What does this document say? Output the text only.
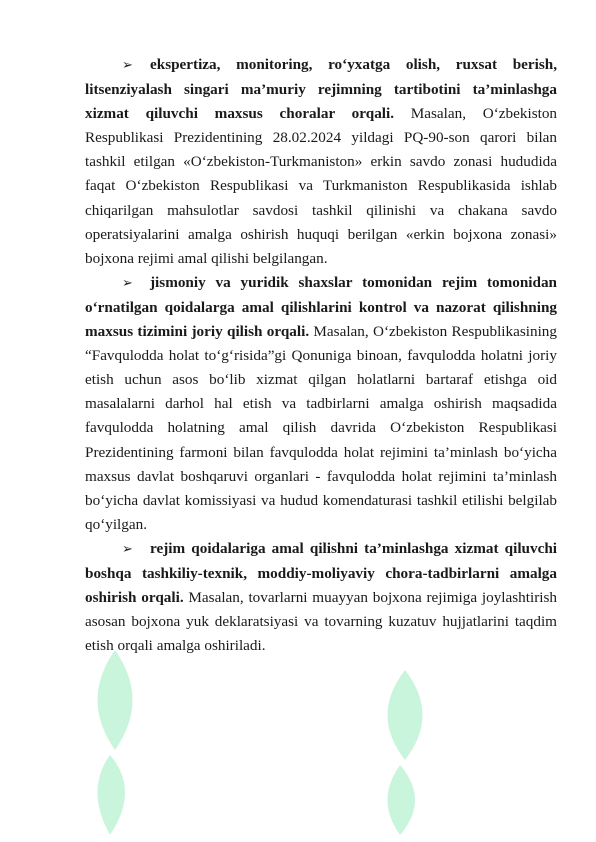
➢ ekspertiza, monitoring, ro‘yxatga olish, ruxsat berish, litsenziyalash singari ma’muriy rejimning tartibotini ta’minlashga xizmat qiluvchi maxsus choralar orqali. Masalan, O‘zbekiston Respublikasi Prezidentining 28.02.2024 yildagi PQ-90-son qarori bilan tashkil etilgan «O‘zbekiston-Turkmaniston» erkin savdo zonasi hududida faqat O‘zbekiston Respublikasi va Turkmaniston Respublikasida ishlab chiqarilgan mahsulotlar savdosi tashkil qilinishi va chakana savdo operatsiyalarini amalga oshirish huquqi berilgan «erkin bojxona zonasi» bojxona rejimi amal qilishi belgilangan.

➢ jismoniy va yuridik shaxslar tomonidan rejim tomonidan o‘rnatilgan qoidalarga amal qilishlarini kontrol va nazorat qilishning maxsus tizimini joriy qilish orqali. Masalan, O‘zbekiston Respublikasining “Favqulodda holat to‘g‘risida”gi Qonuniga binoan, favqulodda holatni joriy etish uchun asos bo‘lib xizmat qilgan holatlarni bartaraf etishga oid masalalarni darhol hal etish va tadbirlarni amalga oshirish maqsadida favqulodda holatning amal qilish davrida O‘zbekiston Respublikasi Prezidentining farmoni bilan favqulodda holat rejimini ta’minlash bo‘yicha maxsus davlat boshqaruvi organlari - favqulodda holat rejimini ta’minlash bo‘yicha davlat komissiyasi va hudud komendaturasi tashkil etilishi belgilab qo‘yilgan.

➢ rejim qoidalariga amal qilishni ta’minlashga xizmat qiluvchi boshqa tashkiliy-texnik, moddiy-moliyaviy chora-tadbirlarni amalga oshirish orqali. Masalan, tovarlarni muayyan bojxona rejimiga joylashtirish asosan bojxona yuk deklaratsiyasi va tovarning kuzatuv hujjatlarini taqdim etish orqali amalga oshiriladi.
